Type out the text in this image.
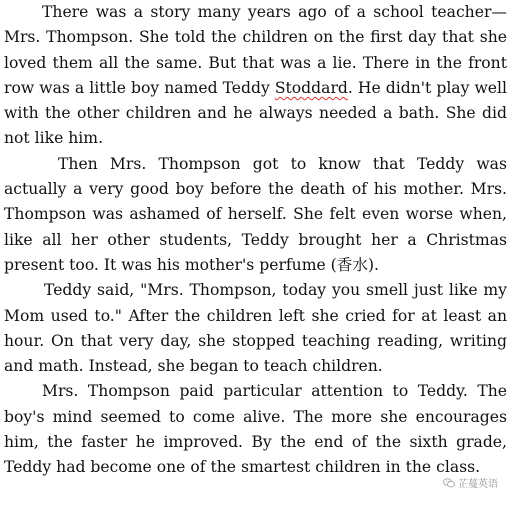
There was a story many years ago of a school teacher—Mrs. Thompson. She told the children on the first day that she loved them all the same. But that was a lie. There in the front row was a little boy named Teddy Stoddard. He didn't play well with the other children and he always needed a bath. She did not like him.

Then Mrs. Thompson got to know that Teddy was actually a very good boy before the death of his mother. Mrs. Thompson was ashamed of herself. She felt even worse when, like all her other students, Teddy brought her a Christmas present too. It was his mother's perfume (香水).

Teddy said, "Mrs. Thompson, today you smell just like my Mom used to." After the children left she cried for at least an hour. On that very day, she stopped teaching reading, writing and math. Instead, she began to teach children.

Mrs. Thompson paid particular attention to Teddy. The boy's mind seemed to come alive. The more she encourages him, the faster he improved. By the end of the sixth grade, Teddy had become one of the smartest children in the class.

芷蔓英语
